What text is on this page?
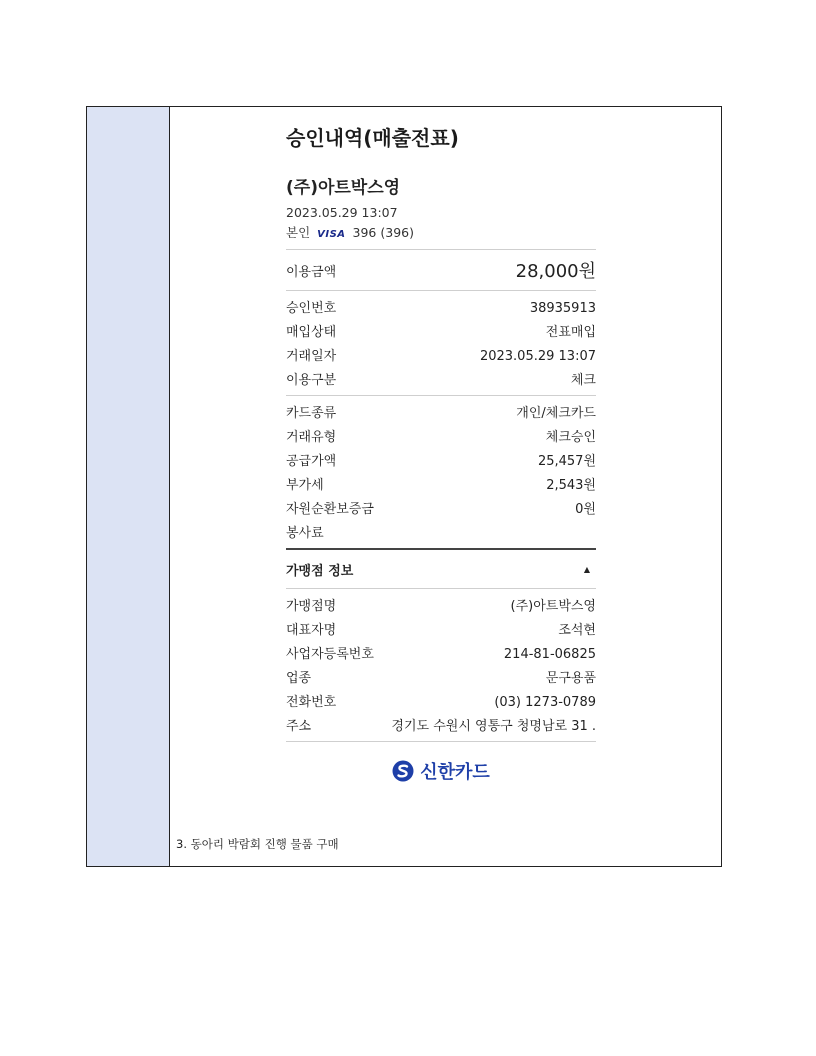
승인내역(매출전표)
(주)아트박스영
2023.05.29 13:07
본인 VISA 396 (396)
이용금액	28,000원
승인번호	38935913
매입상태	전표매입
거래일자	2023.05.29 13:07
이용구분	체크
카드종류	개인/체크카드
거래유형	체크승인
공급가액	25,457원
부가세	2,543원
자원순환보증금	0원
봉사료
가맹점 정보	▲
가맹점명	(주)아트박스영
대표자명	조석현
사업자등록번호	214-81-06825
업종	문구용품
전화번호	(03) 1273-0789
주소	경기도 수원시 영통구 청명남로 31 .
신한카드
3. 동아리 박람회 진행 물품 구매
